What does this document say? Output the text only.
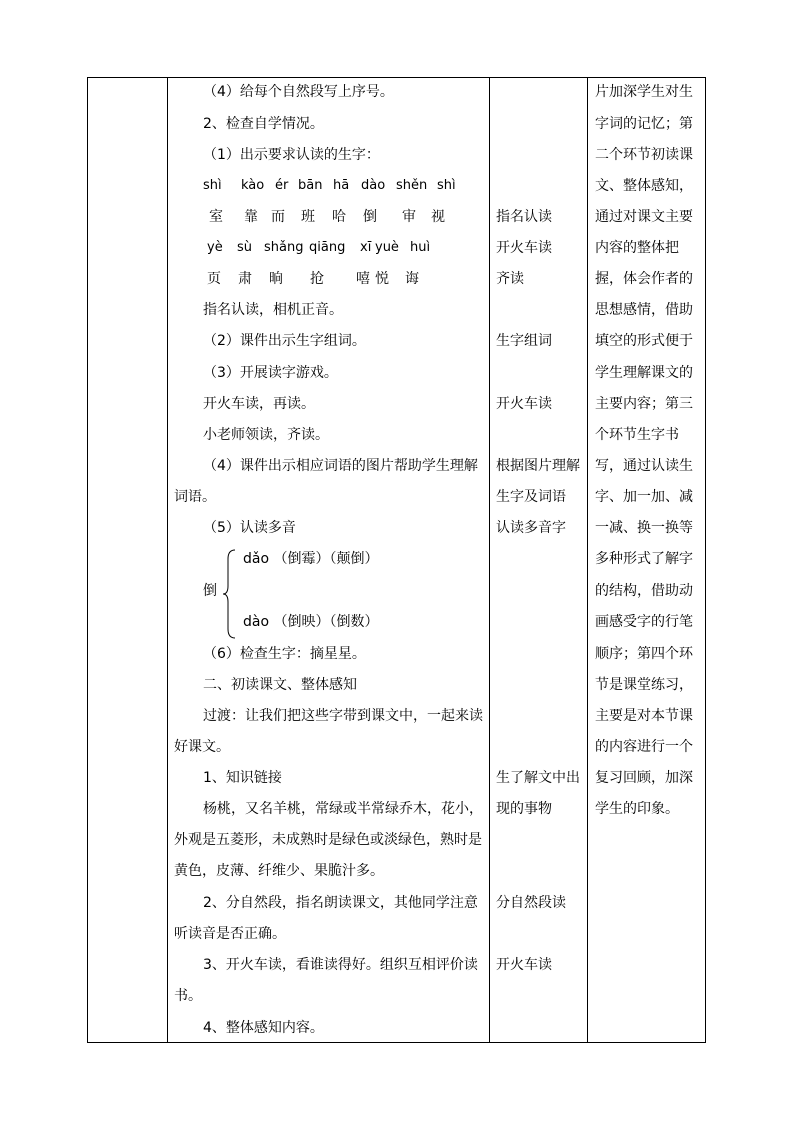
（4）给每个自然段写上序号。
2、检查自学情况。
（1）出示要求认读的生字：
shì kào ér bān hā dào shěn shì
室 靠 而 班 哈 倒 审 视
yè sù shǎng qiāng xī yuè huì
页 肃 晌 抢 嘻 悦 诲
指名认读，相机正音。
（2）课件出示生字组词。
（3）开展读字游戏。
开火车读，再读。
小老师领读，齐读。
（4）课件出示相应词语的图片帮助学生理解
词语。
（5）认读多音
倒
dǎo （倒霉）（颠倒）
dào （倒映）（倒数）
（6）检查生字：摘星星。
二、初读课文、整体感知
过渡：让我们把这些字带到课文中，一起来读
好课文。
1、知识链接
杨桃，又名羊桃，常绿或半常绿乔木，花小，
外观是五菱形，未成熟时是绿色或淡绿色，熟时是
黄色，皮薄、纤维少、果脆汁多。
2、分自然段，指名朗读课文，其他同学注意
听读音是否正确。
3、开火车读，看谁读得好。组织互相评价读
书。
4、整体感知内容。
指名认读
开火车读
齐读
生字组词
开火车读
根据图片理解
生字及词语
认读多音字
生了解文中出
现的事物
分自然段读
开火车读
片加深学生对生
字词的记忆；第
二个环节初读课
文、整体感知，
通过对课文主要
内容的整体把
握，体会作者的
思想感情，借助
填空的形式便于
学生理解课文的
主要内容；第三
个环节生字书
写，通过认读生
字、加一加、减
一减、换一换等
多种形式了解字
的结构，借助动
画感受字的行笔
顺序；第四个环
节是课堂练习，
主要是对本节课
的内容进行一个
复习回顾，加深
学生的印象。
